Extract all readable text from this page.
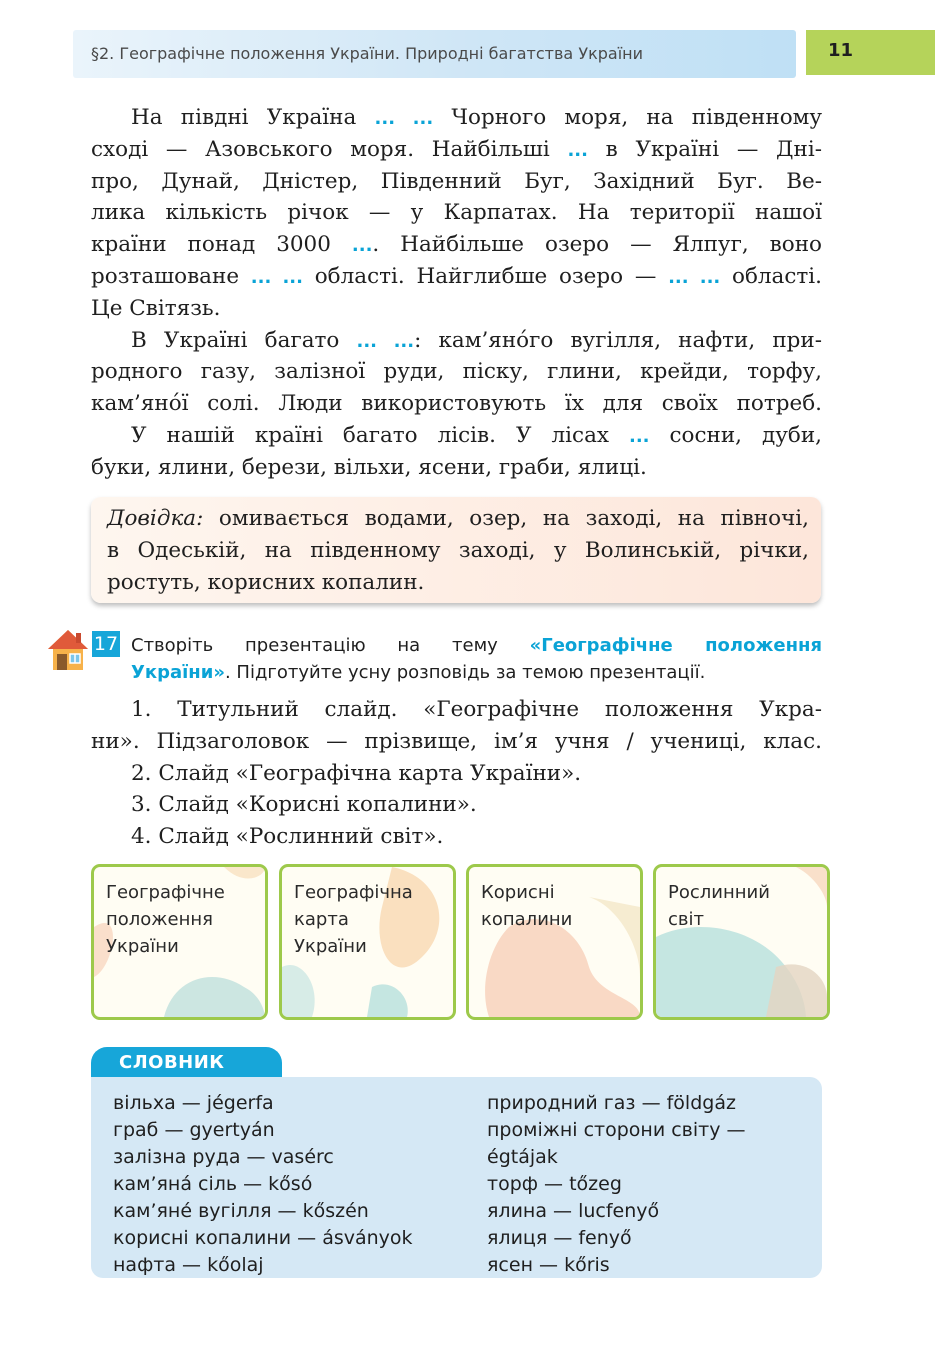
§2. Географічне положення України. Природні багатства України	11
На півдні Україна ... ... Чорного моря, на південному
сході — Азовського моря. Найбільші ... в Україні — Дні-
про, Дунай, Дністер, Південний Буг, Західний Буг. Ве-
лика кількість річок — у Карпатах. На території нашої
країни понад 3000 .... Найбільше озеро — Ялпуг, воно
розташоване ... ... області. Найглибше озеро — ... ... області.
Це Світязь.
В Україні багато ... ...: кам’яно́го вугілля, нафти, при-
родного газу, залізної руди, піску, глини, крейди, торфу,
кам’яно́ї солі. Люди використовують їх для своїх потреб.
У нашій країні багато лісів. У лісах ... сосни, дуби,
буки, ялини, берези, вільхи, ясени, граби, ялиці.
Довідка: омивається водами, озер, на заході, на півночі,
в Одеській, на південному заході, у Волинській, річки,
ростуть, корисних копалин.
17 Створіть презентацію на тему «Географічне положення
України». Підготуйте усну розповідь за темою презентації.
1. Титульний слайд. «Географічне положення Укра-
ни». Підзаголовок — прізвище, ім’я учня / учениці, клас.
2. Слайд «Географічна карта України».
3. Слайд «Корисні копалини».
4. Слайд «Рослинний світ».
Географічне
положення
України
Географічна
карта
України
Корисні
копалини
Рослинний
світ
СЛОВНИК
вільха — jégerfa
граб — gyertyán
залізна руда — vasérc
кам’яна́ сіль — kősó
кам’яне́ вугілля — kőszén
корисні копалини — ásványok
нафта — kőolaj
природний газ — földgáz
проміжні сторони світу —
égtájak
торф — tőzeg
ялина — lucfenyő
ялиця — fenyő
ясен — kőris
